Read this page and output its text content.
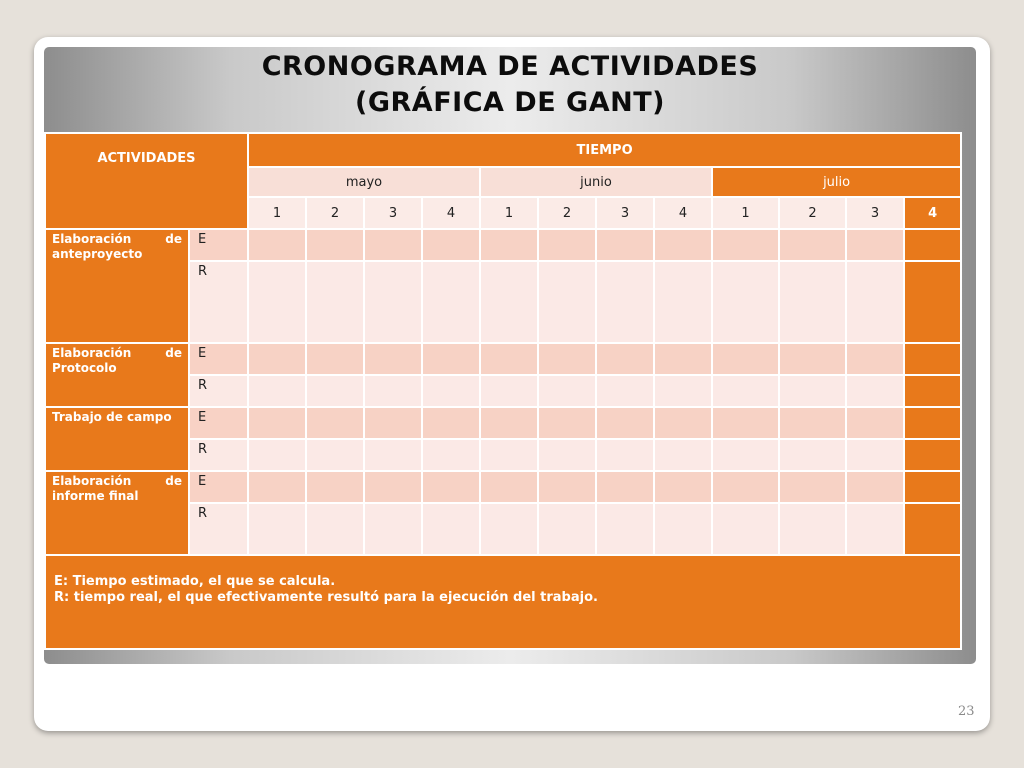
CRONOGRAMA DE ACTIVIDADES
(GRÁFICA DE GANT)
ACTIVIDADES		TIEMPO											
		mayo				junio				julio			
		1	2	3	4	1	2	3	4	1	2	3	4
Elaboración de anteproyecto	E												
	R												
Elaboración de Protocolo	E												
	R												
Trabajo de campo	E												
	R												
Elaboración de informe final	E												
	R												

E: Tiempo estimado, el que se calcula.
R: tiempo real, el que efectivamente resultó para la ejecución del trabajo.													
23
